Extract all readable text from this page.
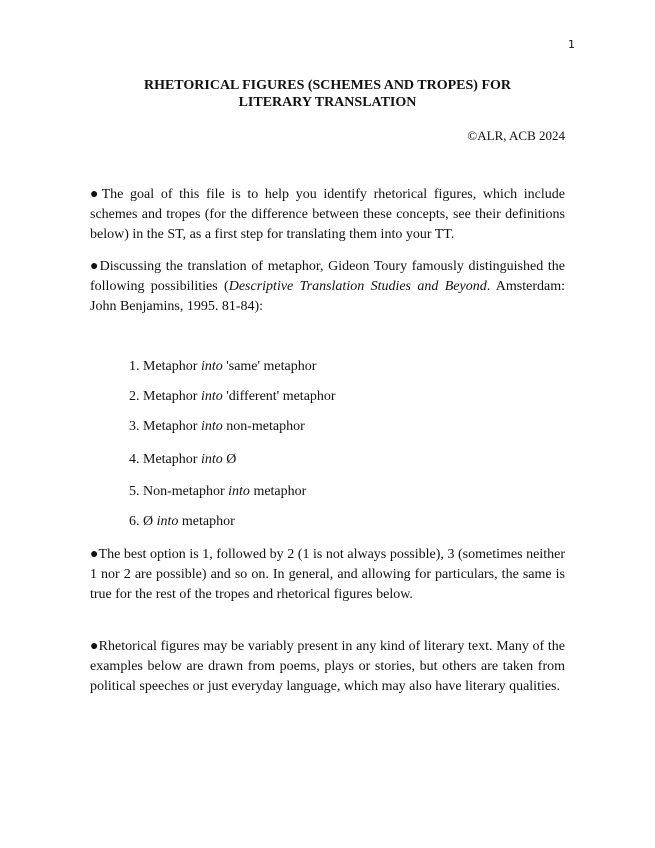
1
RHETORICAL FIGURES (SCHEMES AND TROPES) FOR
LITERARY TRANSLATION
©ALR, ACB 2024

●The goal of this file is to help you identify rhetorical figures, which include schemes and tropes (for the difference between these concepts, see their definitions below) in the ST, as a first step for translating them into your TT.

●Discussing the translation of metaphor, Gideon Toury famously distinguished the following possibilities (Descriptive Translation Studies and Beyond. Amsterdam: John Benjamins, 1995. 81-84):

1. Metaphor into 'same' metaphor
2. Metaphor into 'different' metaphor
3. Metaphor into non-metaphor
4. Metaphor into Ø
5. Non-metaphor into metaphor
6. Ø into metaphor

●The best option is 1, followed by 2 (1 is not always possible), 3 (sometimes neither 1 nor 2 are possible) and so on. In general, and allowing for particulars, the same is true for the rest of the tropes and rhetorical figures below.

●Rhetorical figures may be variably present in any kind of literary text. Many of the examples below are drawn from poems, plays or stories, but others are taken from political speeches or just everyday language, which may also have literary qualities.
